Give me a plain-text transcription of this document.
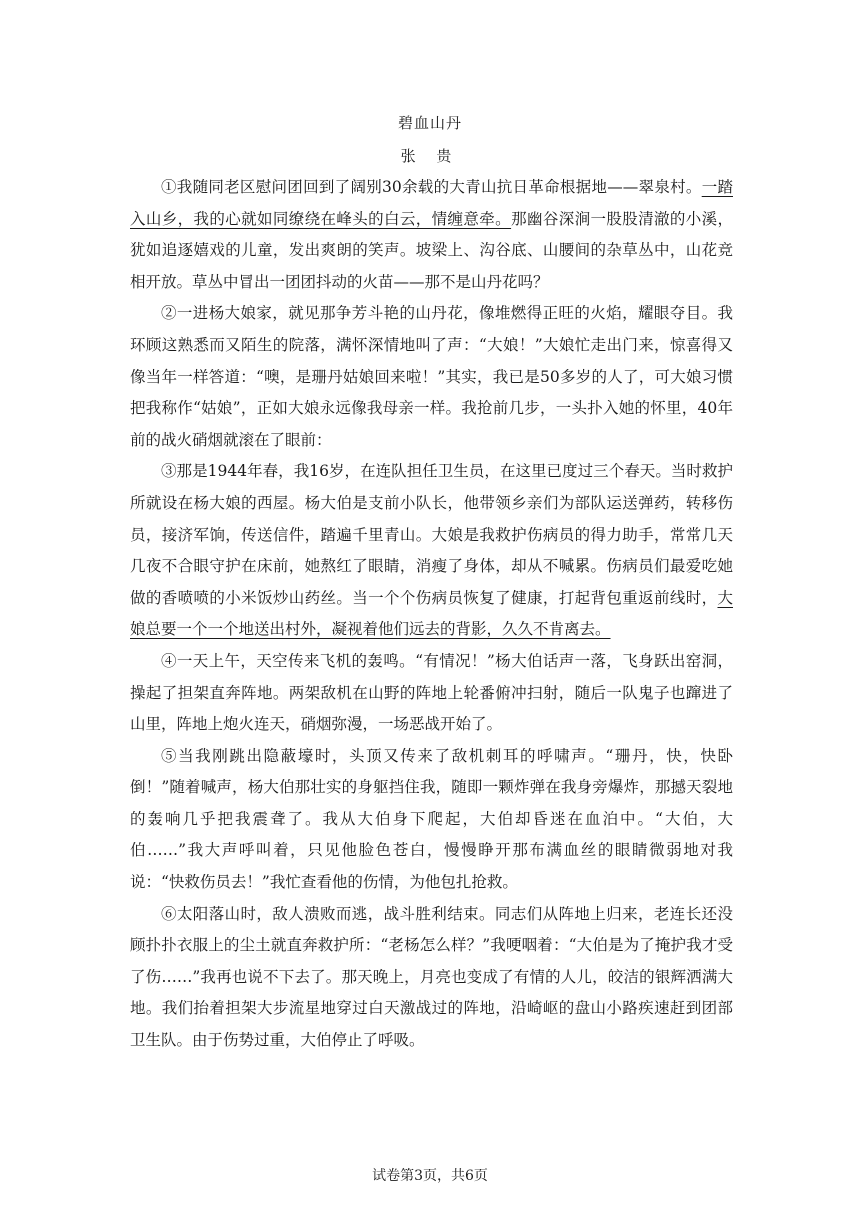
碧血山丹
张 贵

①我随同老区慰问团回到了阔别30余载的大青山抗日革命根据地——翠泉村。一踏入山乡，我的心就如同缭绕在峰头的白云，情缠意牵。那幽谷深涧一股股清澈的小溪，犹如追逐嬉戏的儿童，发出爽朗的笑声。坡梁上、沟谷底、山腰间的杂草丛中，山花竞相开放。草丛中冒出一团团抖动的火苗——那不是山丹花吗？

②一进杨大娘家，就见那争芳斗艳的山丹花，像堆燃得正旺的火焰，耀眼夺目。我环顾这熟悉而又陌生的院落，满怀深情地叫了声：“大娘！”大娘忙走出门来，惊喜得又像当年一样答道：“噢，是珊丹姑娘回来啦！”其实，我已是50多岁的人了，可大娘习惯把我称作“姑娘”，正如大娘永远像我母亲一样。我抢前几步，一头扑入她的怀里，40年前的战火硝烟就滚在了眼前：

③那是1944年春，我16岁，在连队担任卫生员，在这里已度过三个春天。当时救护所就设在杨大娘的西屋。杨大伯是支前小队长，他带领乡亲们为部队运送弹药，转移伤员，接济军饷，传送信件，踏遍千里青山。大娘是我救护伤病员的得力助手，常常几天几夜不合眼守护在床前，她熬红了眼睛，消瘦了身体，却从不喊累。伤病员们最爱吃她做的香喷喷的小米饭炒山药丝。当一个个伤病员恢复了健康，打起背包重返前线时，大娘总要一个一个地送出村外，凝视着他们远去的背影，久久不肯离去。

④一天上午，天空传来飞机的轰鸣。“有情况！”杨大伯话声一落，飞身跃出窑洞，操起了担架直奔阵地。两架敌机在山野的阵地上轮番俯冲扫射，随后一队鬼子也蹿进了山里，阵地上炮火连天，硝烟弥漫，一场恶战开始了。

⑤当我刚跳出隐蔽壕时，头顶又传来了敌机刺耳的呼啸声。“珊丹，快，快卧倒！”随着喊声，杨大伯那壮实的身躯挡住我，随即一颗炸弹在我身旁爆炸，那撼天裂地的轰响几乎把我震聋了。我从大伯身下爬起，大伯却昏迷在血泊中。“大伯，大伯……”我大声呼叫着，只见他脸色苍白，慢慢睁开那布满血丝的眼睛微弱地对我说：“快救伤员去！”我忙查看他的伤情，为他包扎抢救。

⑥太阳落山时，敌人溃败而逃，战斗胜利结束。同志们从阵地上归来，老连长还没顾扑扑衣服上的尘土就直奔救护所：“老杨怎么样？”我哽咽着：“大伯是为了掩护我才受了伤……”我再也说不下去了。那天晚上，月亮也变成了有情的人儿，皎洁的银辉洒满大地。我们抬着担架大步流星地穿过白天激战过的阵地，沿崎岖的盘山小路疾速赶到团部卫生队。由于伤势过重，大伯停止了呼吸。

试卷第3页，共6页
